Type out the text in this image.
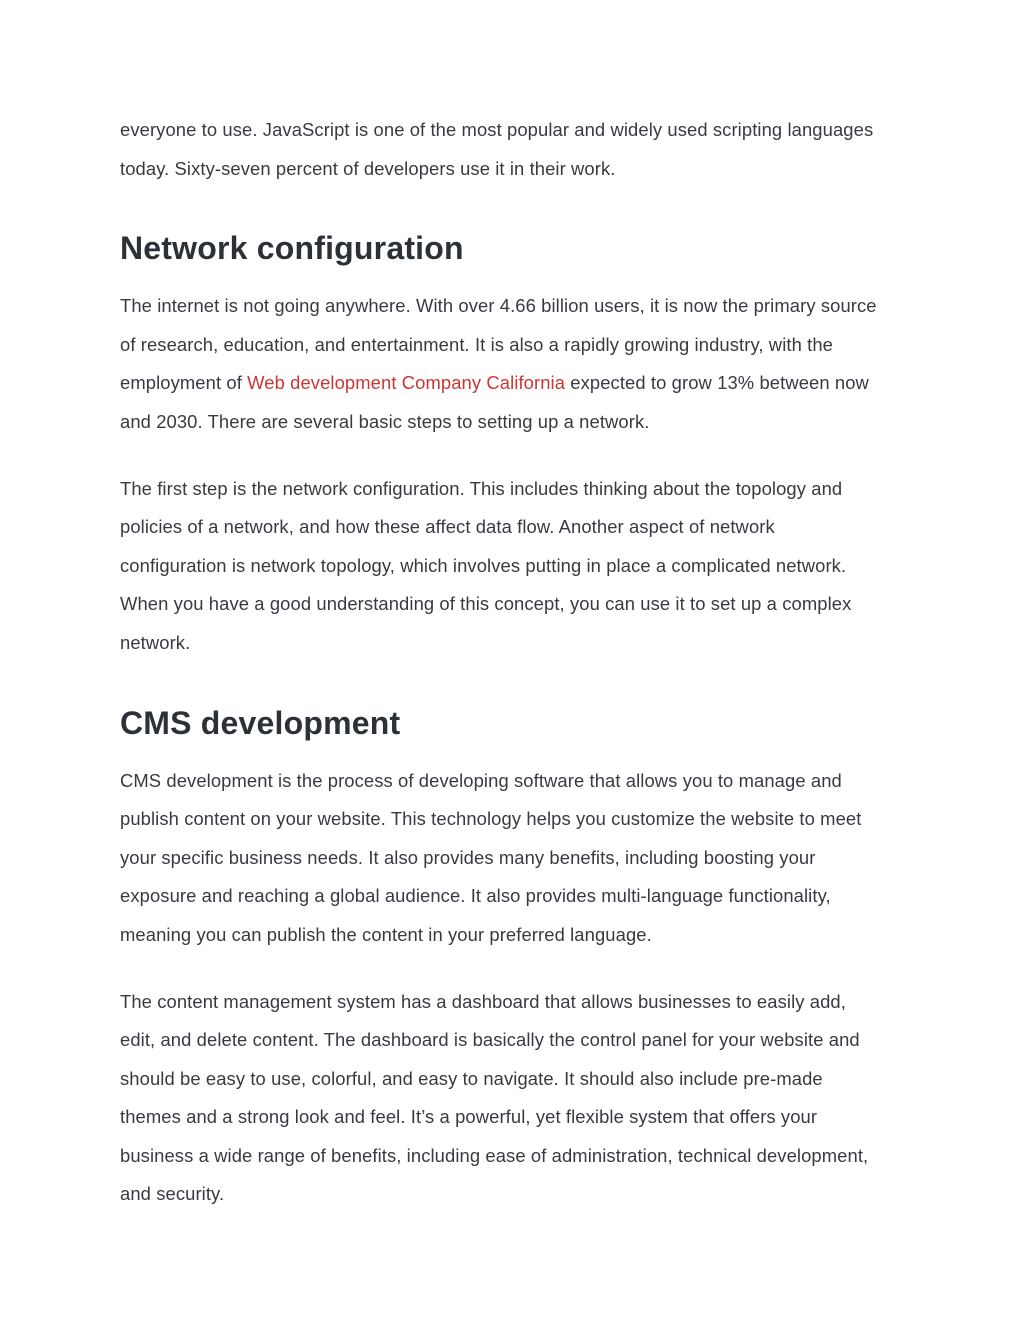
everyone to use. JavaScript is one of the most popular and widely used scripting languages
today. Sixty-seven percent of developers use it in their work.

Network configuration

The internet is not going anywhere. With over 4.66 billion users, it is now the primary source
of research, education, and entertainment. It is also a rapidly growing industry, with the
employment of Web development Company California expected to grow 13% between now
and 2030. There are several basic steps to setting up a network.

The first step is the network configuration. This includes thinking about the topology and
policies of a network, and how these affect data flow. Another aspect of network
configuration is network topology, which involves putting in place a complicated network.
When you have a good understanding of this concept, you can use it to set up a complex
network.

CMS development

CMS development is the process of developing software that allows you to manage and
publish content on your website. This technology helps you customize the website to meet
your specific business needs. It also provides many benefits, including boosting your
exposure and reaching a global audience. It also provides multi-language functionality,
meaning you can publish the content in your preferred language.

The content management system has a dashboard that allows businesses to easily add,
edit, and delete content. The dashboard is basically the control panel for your website and
should be easy to use, colorful, and easy to navigate. It should also include pre-made
themes and a strong look and feel. It’s a powerful, yet flexible system that offers your
business a wide range of benefits, including ease of administration, technical development,
and security.
